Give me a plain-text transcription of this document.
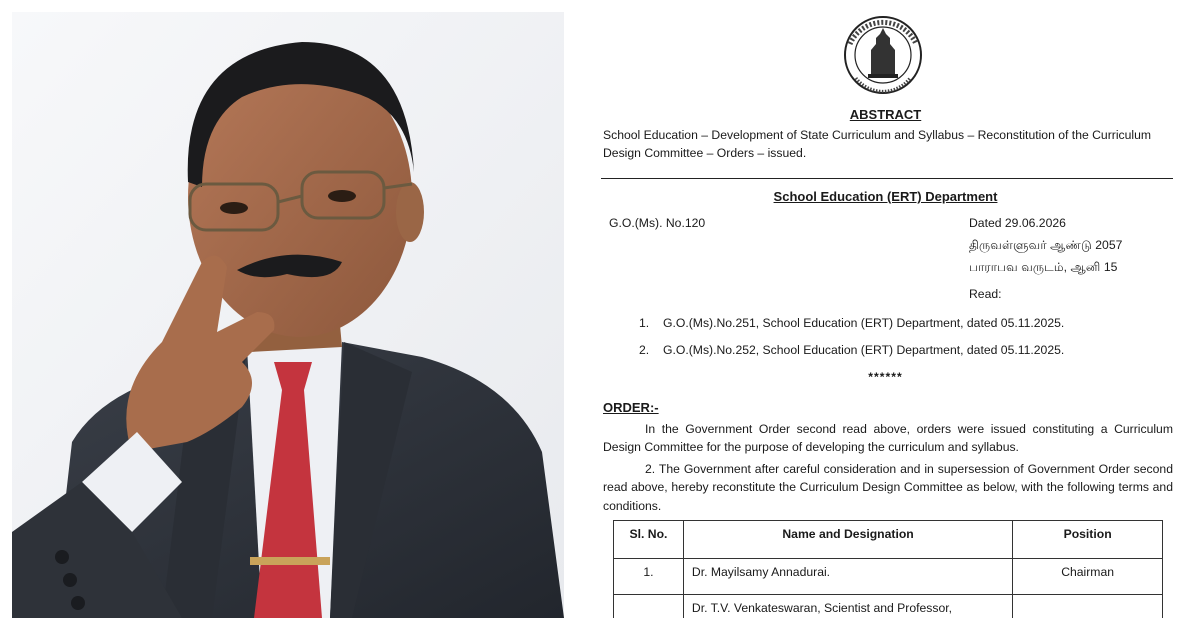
ABSTRACT
School Education – Development of State Curriculum and Syllabus – Reconstitution of the Curriculum Design Committee – Orders – issued.
School Education (ERT) Department
G.O.(Ms). No.120	Dated 29.06.2026
திருவள்ளுவர் ஆண்டு 2057
பாராபவ வருடம், ஆனி 15
Read:
1. G.O.(Ms).No.251, School Education (ERT) Department, dated 05.11.2025.
2. G.O.(Ms).No.252, School Education (ERT) Department, dated 05.11.2025.
******
ORDER:-
In the Government Order second read above, orders were issued constituting a Curriculum Design Committee for the purpose of developing the curriculum and syllabus.
2. The Government after careful consideration and in supersession of Government Order second read above, hereby reconstitute the Curriculum Design Committee as below, with the following terms and conditions.
Sl. No.	Name and Designation	Position
1.	Dr. Mayilsamy Annadurai.	Chairman
	Dr. T.V. Venkateswaran, Scientist and Professor,	
